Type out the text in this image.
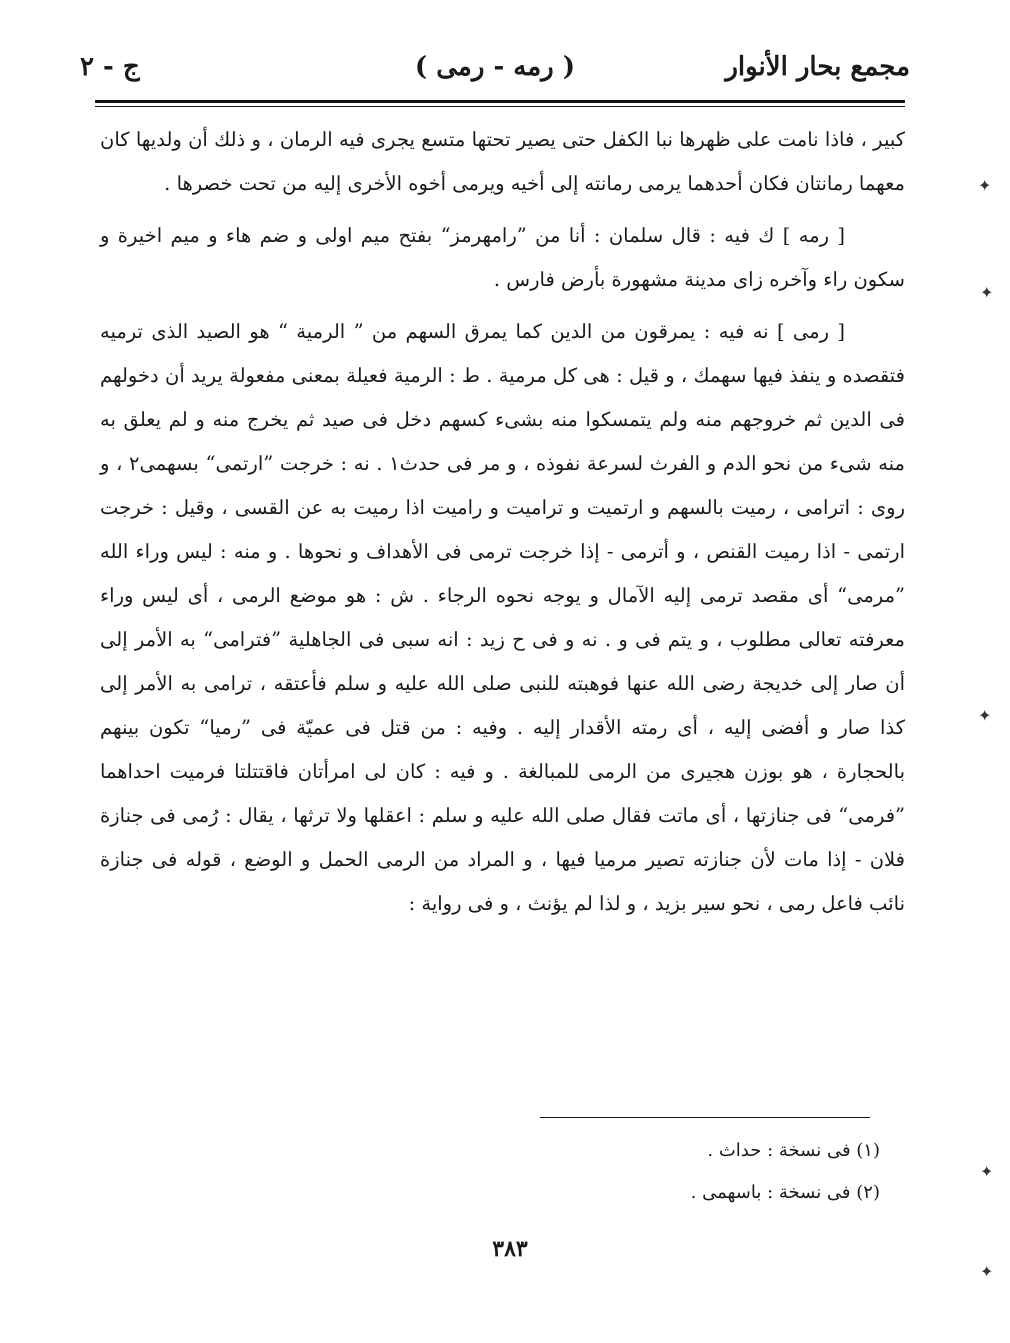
مجمع بحار الأنوار
( رمه - رمى )
ج - ٢

كبير ، فاذا نامت على ظهرها نبا الكفل حتى يصير تحتها متسع يجرى فيه الرمان ، و ذلك أن ولديها كان معهما رمانتان فكان أحدهما يرمى رمانته إلى أخيه ويرمى أخوه الأخرى إليه من تحت خصرها .

[ رمه ] ك فيه : قال سلمان : أنا من ”رامهرمز“ بفتح ميم اولى و ضم هاء و ميم اخيرة و سكون راء وآخره زاى مدينة مشهورة بأرض فارس .

[ رمى ] نه فيه : يمرقون من الدين كما يمرق السهم من ” الرمية “ هو الصيد الذى ترميه فتقصده و ينفذ فيها سهمك ، و قيل : هى كل مرمية . ط : الرمية فعيلة بمعنى مفعولة يريد أن دخولهم فى الدين ثم خروجهم منه ولم يتمسكوا منه بشىء كسهم دخل فى صيد ثم يخرج منه و لم يعلق به منه شىء من نحو الدم و الفرث لسرعة نفوذه ، و مر فى حدث١ . نه : خرجت ”ارتمى“ بسهمى٢ ، و روى : اترامى ، رميت بالسهم و ارتميت و تراميت و راميت اذا رميت به عن القسى ، وقيل : خرجت ارتمى - اذا رميت القنص ، و أترمى - إذا خرجت ترمى فى الأهداف و نحوها . و منه : ليس وراء الله ”مرمى“ أى مقصد ترمى إليه الآمال و يوجه نحوه الرجاء . ش : هو موضع الرمى ، أى ليس وراء معرفته تعالى مطلوب ، و يتم فى و . نه و فى ح زيد : انه سبى فى الجاهلية ”فترامى“ به الأمر إلى أن صار إلى خديجة رضى الله عنها فوهبته للنبى صلى الله عليه و سلم فأعتقه ، ترامى به الأمر إلى كذا صار و أفضى إليه ، أى رمته الأقدار إليه . وفيه : من قتل فى عميّة فى ”رميا“ تكون بينهم بالحجارة ، هو بوزن هجيرى من الرمى للمبالغة . و فيه : كان لى امرأتان فاقتتلتا فرميت احداهما ”فرمى“ فى جنازتها ، أى ماتت فقال صلى الله عليه و سلم : اعقلها ولا ترثها ، يقال : رُمى فى جنازة فلان - إذا مات لأن جنازته تصير مرميا فيها ، و المراد من الرمى الحمل و الوضع ، قوله فى جنازة نائب فاعل رمى ، نحو سير بزيد ، و لذا لم يؤنث ، و فى رواية :

(١) فى نسخة : حداث .
(٢) فى نسخة : باسهمى .
٣٨٣
✦
✦
✦
✦
✦
